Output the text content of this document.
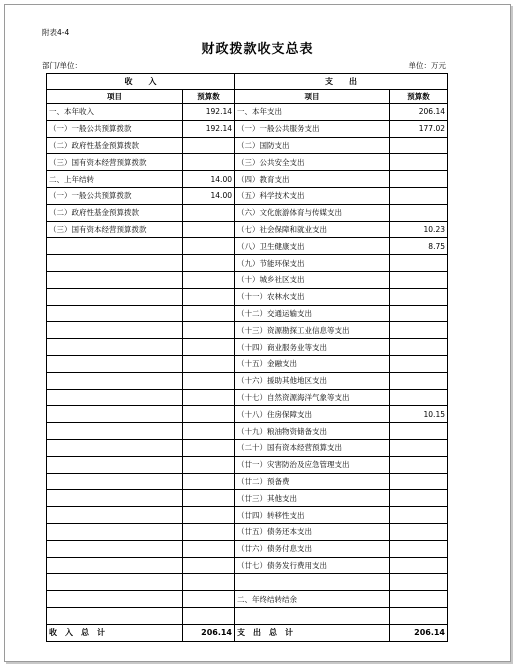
附表4-4
财政拨款收支总表
部门/单位：	单位：万元
收　　入		支　　出	
项目	预算数	项目	预算数
一、本年收入	192.14	一、本年支出	206.14
（一）一般公共预算拨款	192.14	（一）一般公共服务支出	177.02
（二）政府性基金预算拨款		（二）国防支出	
（三）国有资本经营预算拨款		（三）公共安全支出	
二、上年结转	14.00	（四）教育支出	
（一）一般公共预算拨款	14.00	（五）科学技术支出	
（二）政府性基金预算拨款		（六）文化旅游体育与传媒支出	
（三）国有资本经营预算拨款		（七）社会保障和就业支出	10.23
		（八）卫生健康支出	8.75
		（九）节能环保支出	
		（十）城乡社区支出	
		（十一）农林水支出	
		（十二）交通运输支出	
		（十三）资源勘探工业信息等支出	
		（十四）商业服务业等支出	
		（十五）金融支出	
		（十六）援助其他地区支出	
		（十七）自然资源海洋气象等支出	
		（十八）住房保障支出	10.15
		（十九）粮油物资储备支出	
		（二十）国有资本经营预算支出	
		（廿一）灾害防治及应急管理支出	
		（廿二）预备费	
		（廿三）其他支出	
		（廿四）转移性支出	
		（廿五）债务还本支出	
		（廿六）债务付息支出	
		（廿七）债务发行费用支出	

		二、年终结转结余	

收　入　总　计	206.14	支　出　总　计	206.14
